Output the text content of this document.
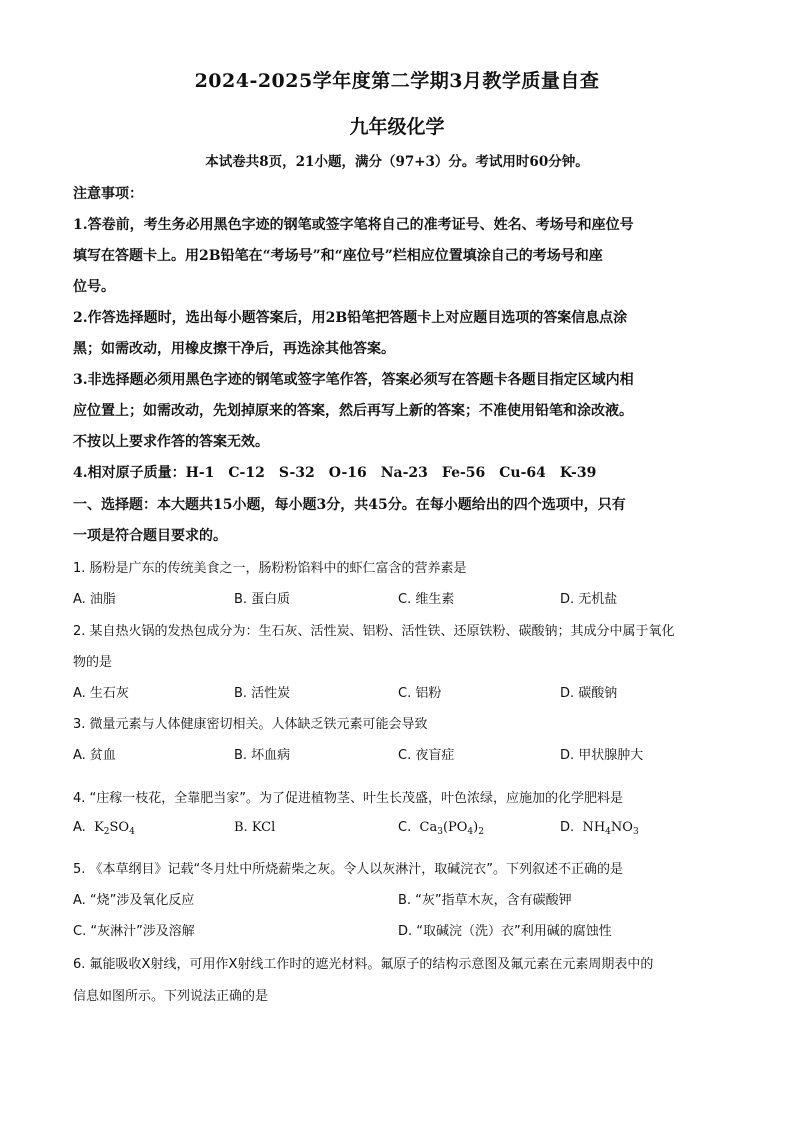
2024-2025学年度第二学期3月教学质量自查
九年级化学
本试卷共8页，21小题，满分（97+3）分。考试用时60分钟。
注意事项：
1.答卷前，考生务必用黑色字迹的钢笔或签字笔将自己的准考证号、姓名、考场号和座位号
填写在答题卡上。用2B铅笔在“考场号”和“座位号”栏相应位置填涂自己的考场号和座
位号。
2.作答选择题时，选出每小题答案后，用2B铅笔把答题卡上对应题目选项的答案信息点涂
黑；如需改动，用橡皮擦干净后，再选涂其他答案。
3.非选择题必须用黑色字迹的钢笔或签字笔作答，答案必须写在答题卡各题目指定区域内相
应位置上；如需改动，先划掉原来的答案，然后再写上新的答案；不准使用铅笔和涂改液。
不按以上要求作答的答案无效。
4.相对原子质量：H-1　C-12　S-32　O-16　Na-23　Fe-56　Cu-64　K-39
一、选择题：本大题共15小题，每小题3分，共45分。在每小题给出的四个选项中，只有
一项是符合题目要求的。
1. 肠粉是广东的传统美食之一，肠粉粉馅料中的虾仁富含的营养素是
A. 油脂	B. 蛋白质	C. 维生素	D. 无机盐
2. 某自热火锅的发热包成分为：生石灰、活性炭、铝粉、活性铁、还原铁粉、碳酸钠；其成分中属于氧化
物的是
A. 生石灰	B. 活性炭	C. 铝粉	D. 碳酸钠
3. 微量元素与人体健康密切相关。人体缺乏铁元素可能会导致
A. 贫血	B. 坏血病	C. 夜盲症	D. 甲状腺肿大
4. “庄稼一枝花，全靠肥当家”。为了促进植物茎、叶生长茂盛，叶色浓绿，应施加的化学肥料是
A. $K_2SO_4$	B. KCl	C. $Ca_3(PO_4)_2$	D. $NH_4NO_3$
5. 《本草纲目》记载“冬月灶中所烧薪柴之灰。令人以灰淋汁，取碱浣衣”。下列叙述不正确的是
A. “烧”涉及氧化反应	B. “灰”指草木灰，含有碳酸钾
C. “灰淋汁”涉及溶解	D. “取碱浣（洗）衣”利用碱的腐蚀性
6. 氟能吸收X射线，可用作X射线工作时的遮光材料。氟原子的结构示意图及氟元素在元素周期表中的
信息如图所示。下列说法正确的是
